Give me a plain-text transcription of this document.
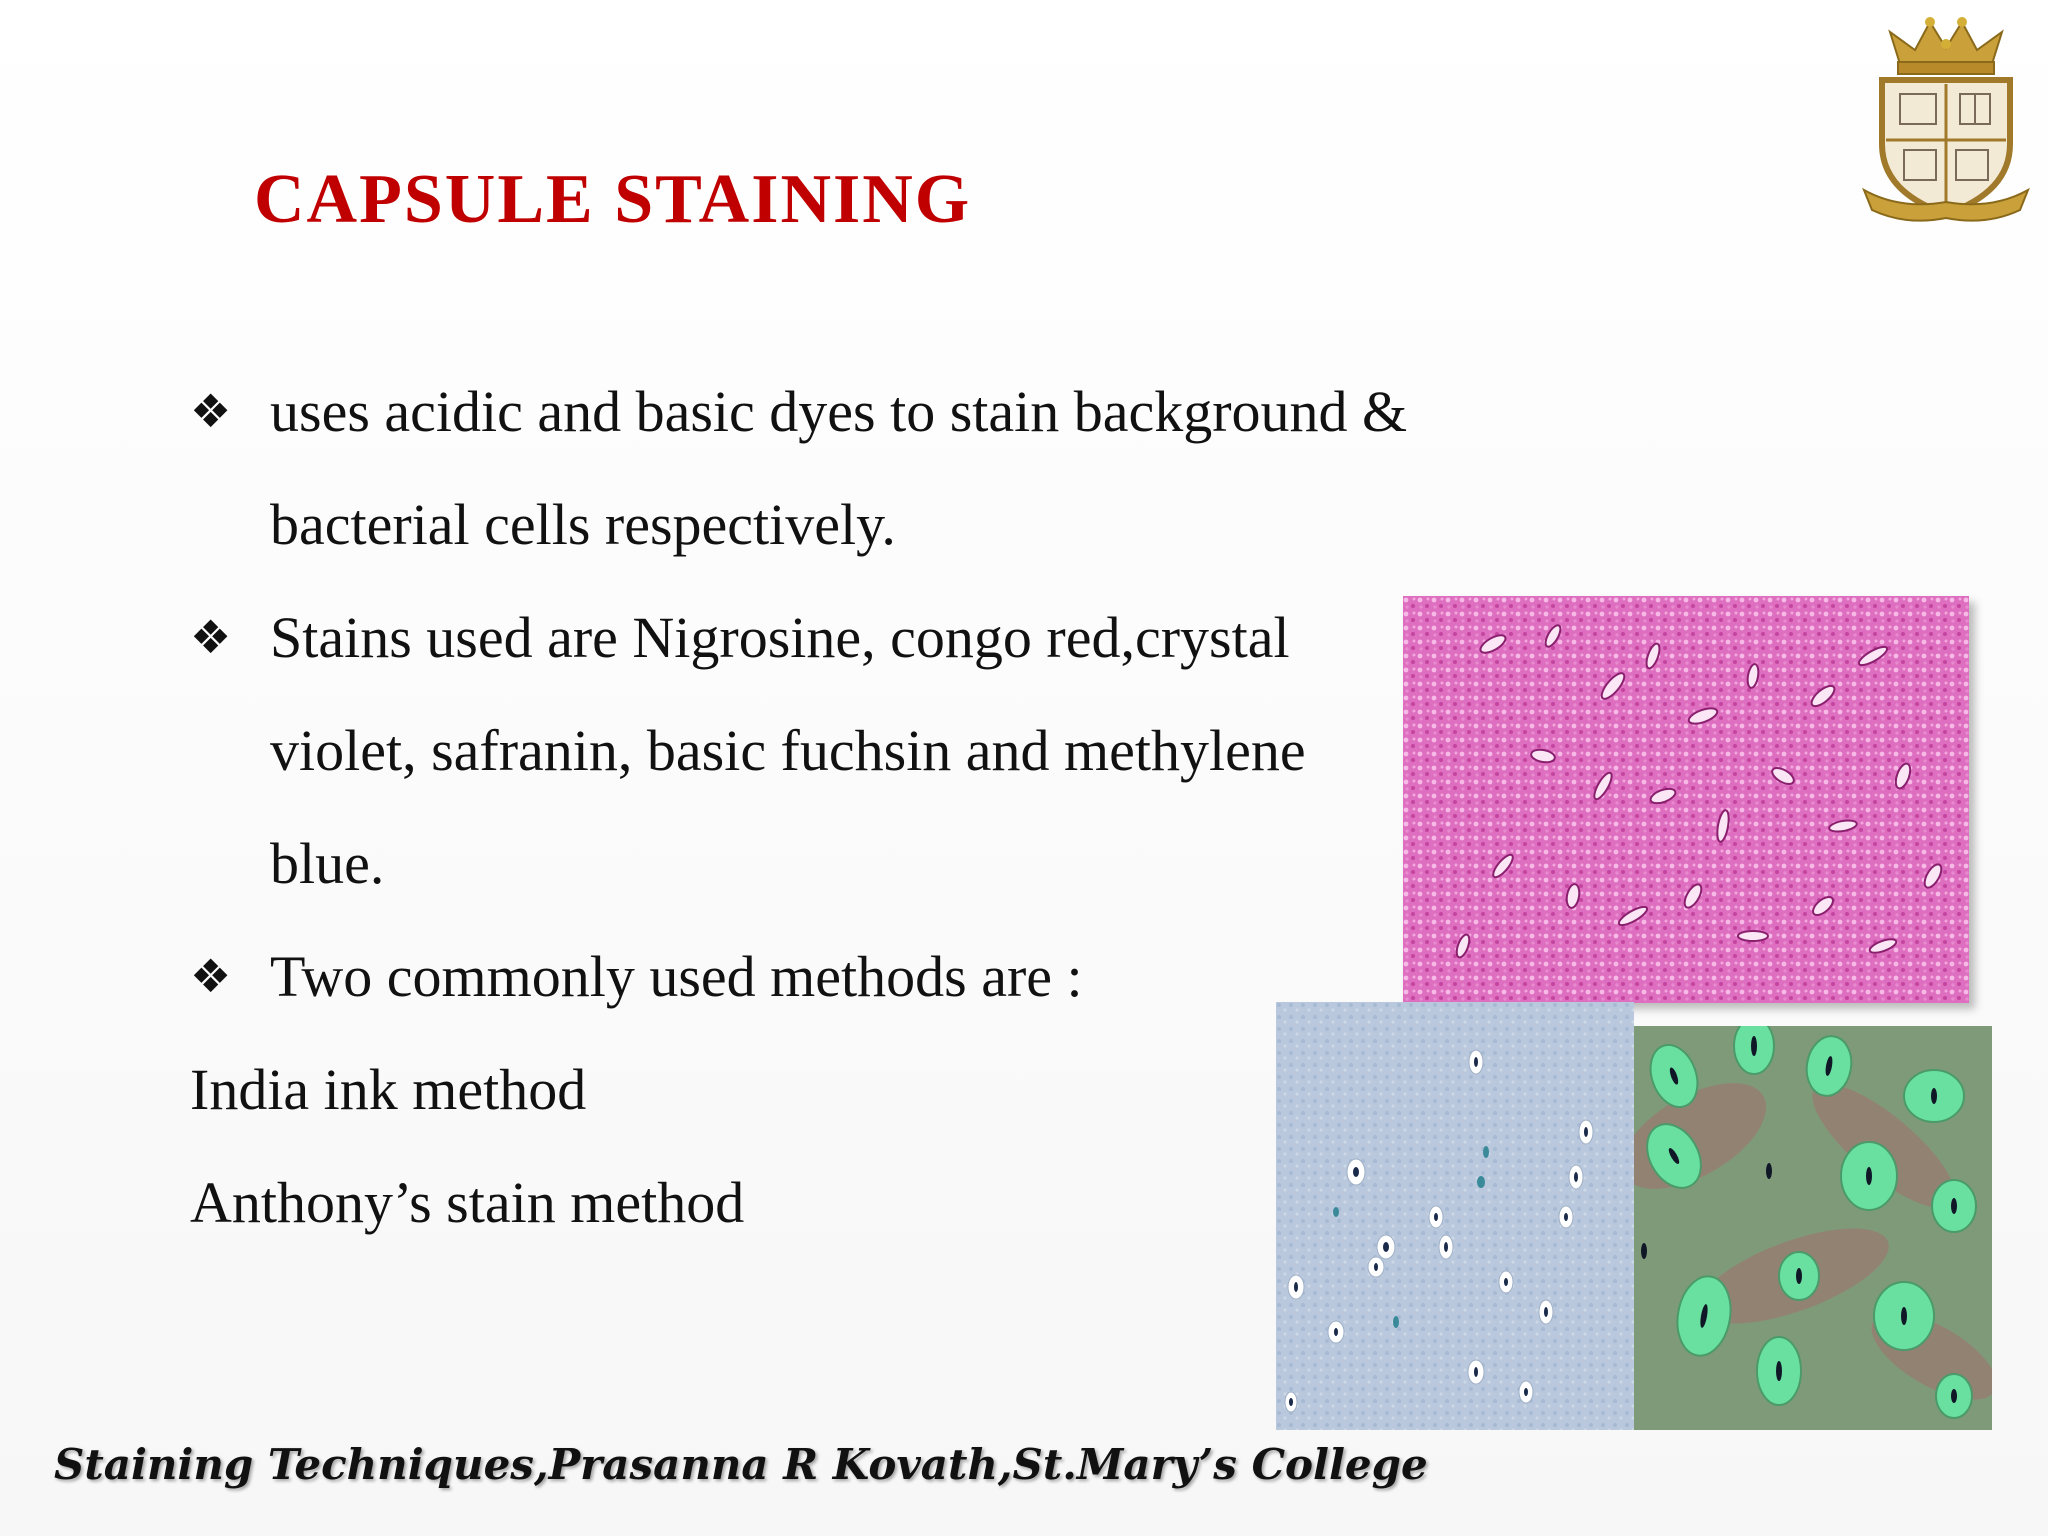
CAPSULE STAINING
❖ uses acidic and basic dyes to stain background &
bacterial cells respectively.
❖ Stains used are Nigrosine, congo red,crystal
violet, safranin, basic fuchsin and methylene
blue.
❖ Two commonly used methods are :
India ink method
Anthony’s stain method
Staining Techniques,Prasanna R Kovath,St.Mary’s College
